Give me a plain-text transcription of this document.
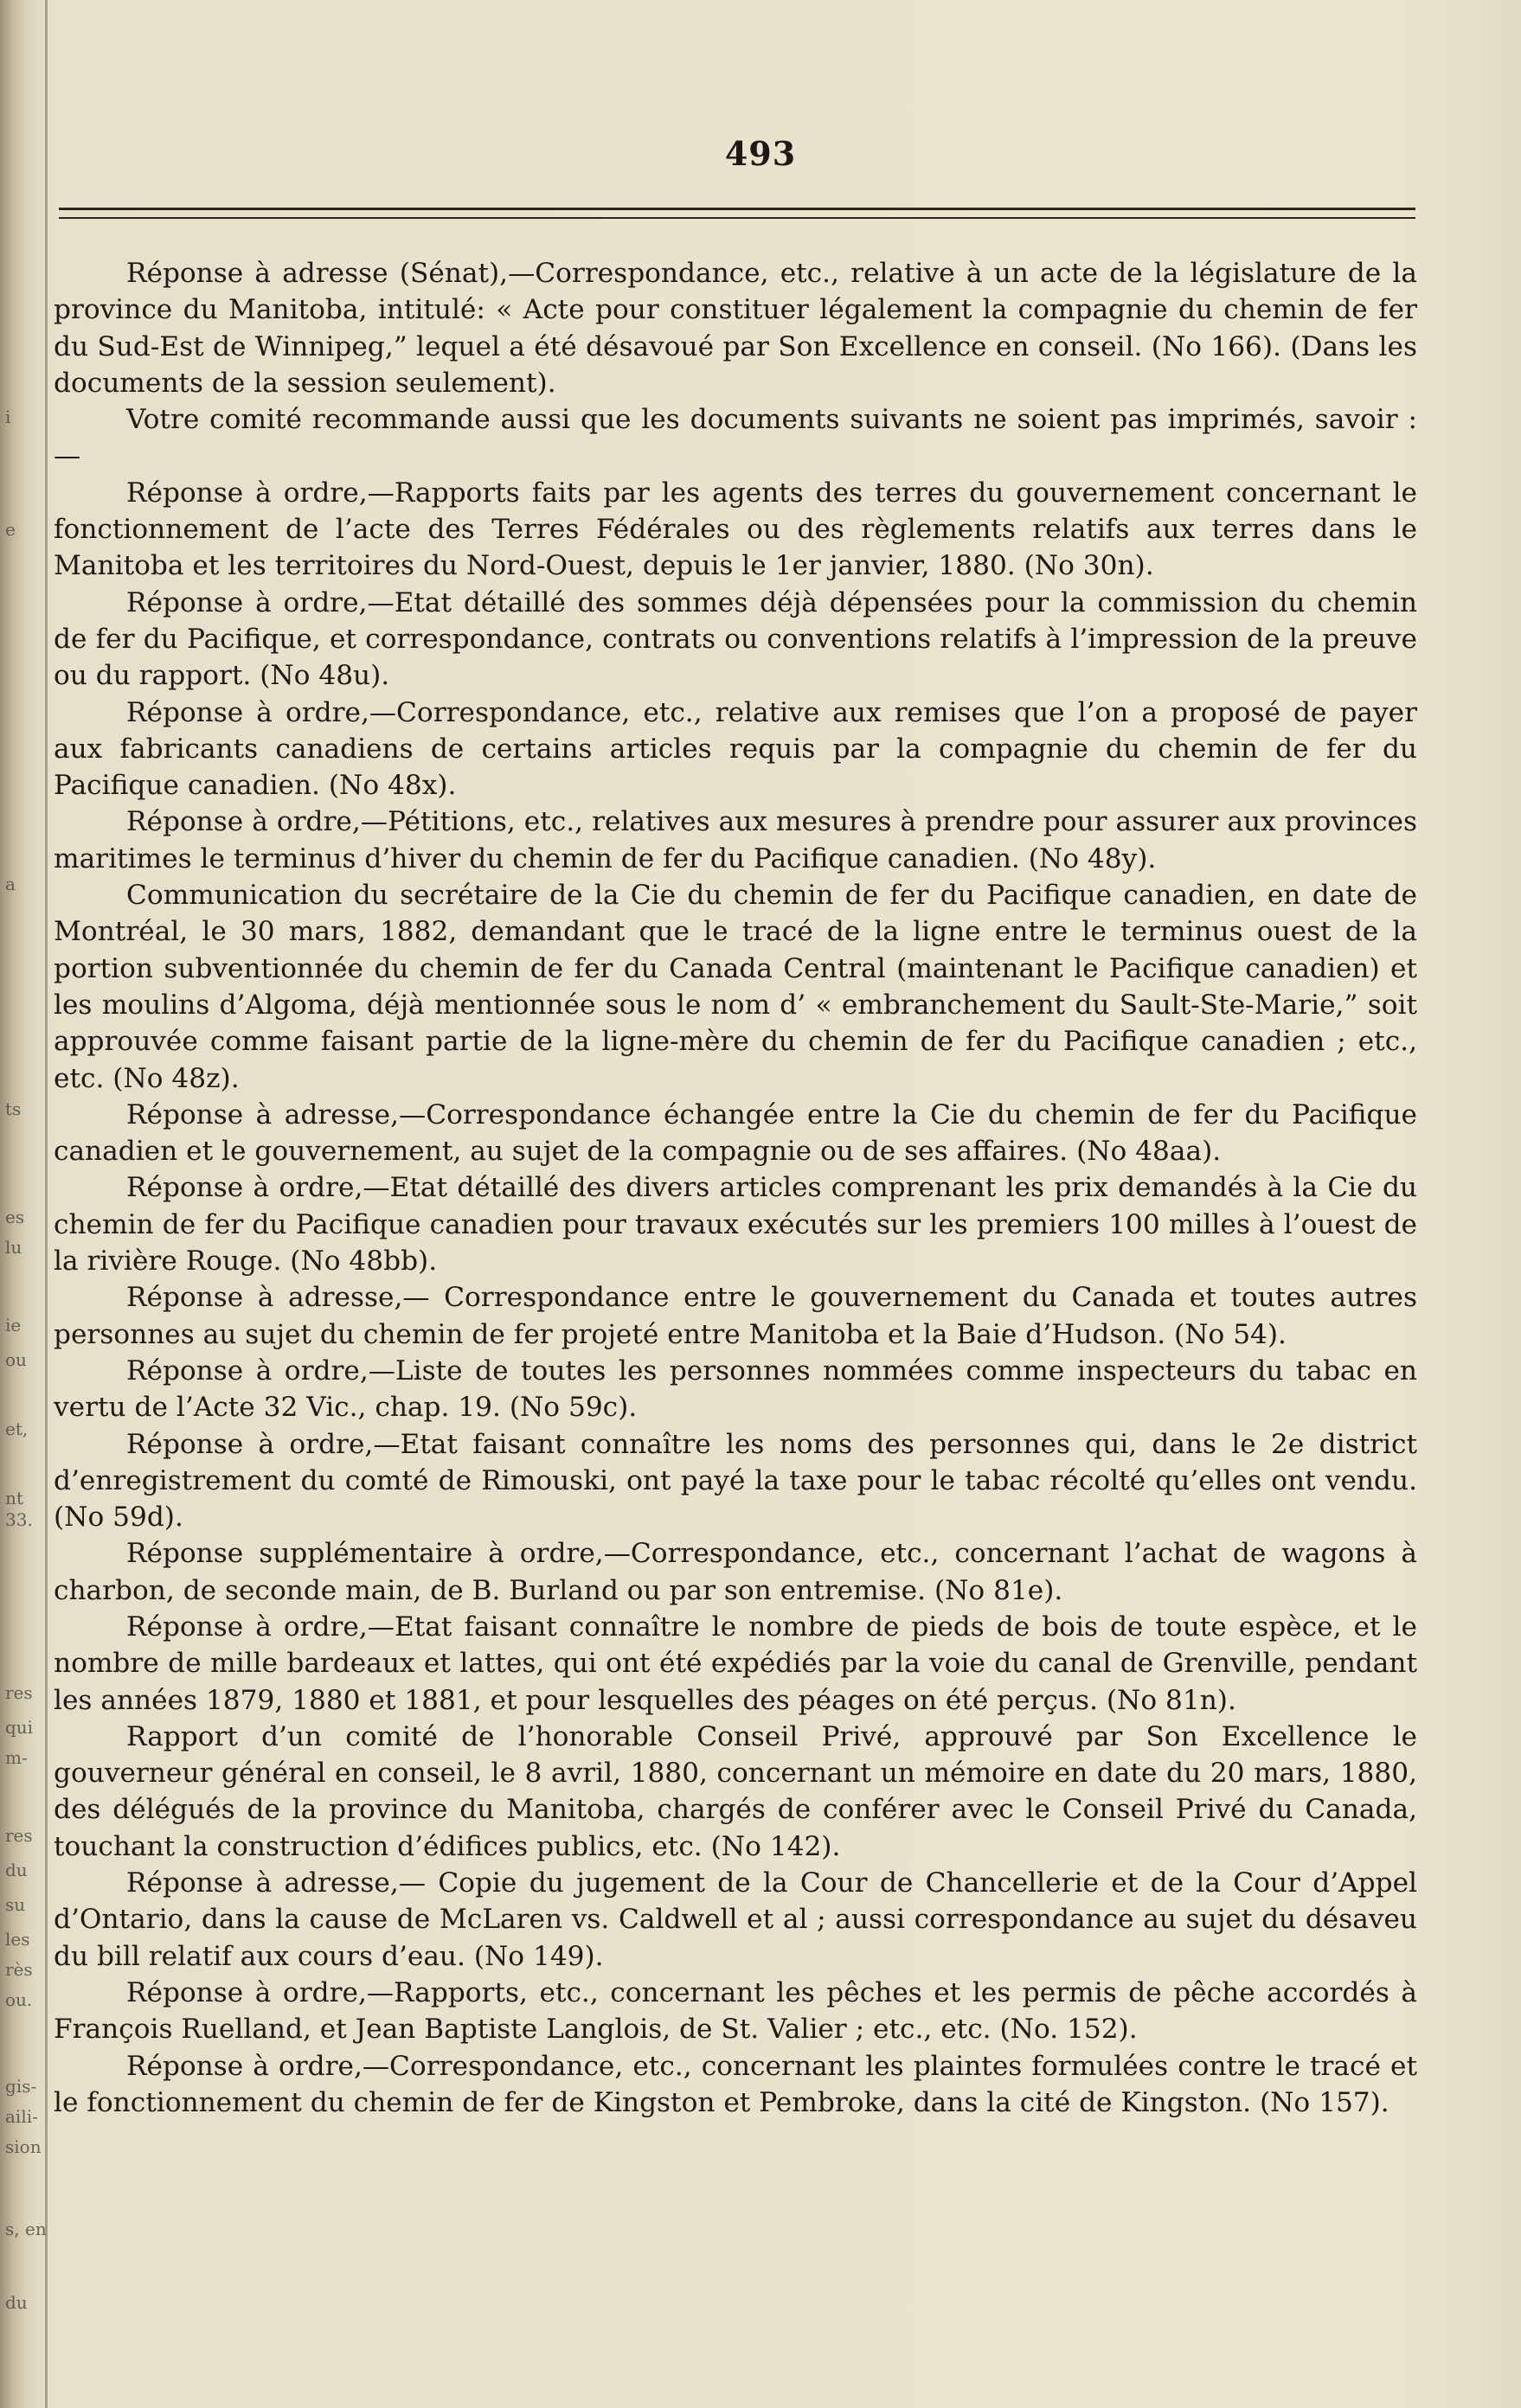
i
e
a
ts
es
lu
ie
ou
et,
nt
33.
res
qui
m-
res
du
su
les
rès
ou.
gis-
aili-
sion
s, en
du
493

Réponse à adresse (Sénat),—Correspondance, etc., relative à un acte de la législature de la province du Manitoba, intitulé: « Acte pour constituer légalement la compagnie du chemin de fer du Sud-Est de Winnipeg,” lequel a été désavoué par Son Excellence en conseil. (No 166). (Dans les documents de la session seulement).

Votre comité recommande aussi que les documents suivants ne soient pas imprimés, savoir :—

Réponse à ordre,—Rapports faits par les agents des terres du gouvernement concernant le fonctionnement de l’acte des Terres Fédérales ou des règlements relatifs aux terres dans le Manitoba et les territoires du Nord-Ouest, depuis le 1er janvier, 1880. (No 30n).

Réponse à ordre,—Etat détaillé des sommes déjà dépensées pour la commission du chemin de fer du Pacifique, et correspondance, contrats ou conventions relatifs à l’impression de la preuve ou du rapport. (No 48u).

Réponse à ordre,—Correspondance, etc., relative aux remises que l’on a proposé de payer aux fabricants canadiens de certains articles requis par la compagnie du chemin de fer du Pacifique canadien. (No 48x).

Réponse à ordre,—Pétitions, etc., relatives aux mesures à prendre pour assurer aux provinces maritimes le terminus d’hiver du chemin de fer du Pacifique canadien. (No 48y).

Communication du secrétaire de la Cie du chemin de fer du Pacifique canadien, en date de Montréal, le 30 mars, 1882, demandant que le tracé de la ligne entre le terminus ouest de la portion subventionnée du chemin de fer du Canada Central (maintenant le Pacifique canadien) et les moulins d’Algoma, déjà mentionnée sous le nom d’ « embranchement du Sault-Ste-Marie,” soit approuvée comme faisant partie de la ligne-mère du chemin de fer du Pacifique canadien ; etc., etc. (No 48z).

Réponse à adresse,—Correspondance échangée entre la Cie du chemin de fer du Pacifique canadien et le gouvernement, au sujet de la compagnie ou de ses affaires. (No 48aa).

Réponse à ordre,—Etat détaillé des divers articles comprenant les prix demandés à la Cie du chemin de fer du Pacifique canadien pour travaux exécutés sur les premiers 100 milles à l’ouest de la rivière Rouge. (No 48bb).

Réponse à adresse,— Correspondance entre le gouvernement du Canada et toutes autres personnes au sujet du chemin de fer projeté entre Manitoba et la Baie d’Hudson. (No 54).

Réponse à ordre,—Liste de toutes les personnes nommées comme inspecteurs du tabac en vertu de l’Acte 32 Vic., chap. 19. (No 59c).

Réponse à ordre,—Etat faisant connaître les noms des personnes qui, dans le 2e district d’enregistrement du comté de Rimouski, ont payé la taxe pour le tabac récolté qu’elles ont vendu. (No 59d).

Réponse supplémentaire à ordre,—Correspondance, etc., concernant l’achat de wagons à charbon, de seconde main, de B. Burland ou par son entremise. (No 81e).

Réponse à ordre,—Etat faisant connaître le nombre de pieds de bois de toute espèce, et le nombre de mille bardeaux et lattes, qui ont été expédiés par la voie du canal de Grenville, pendant les années 1879, 1880 et 1881, et pour lesquelles des péages on été perçus. (No 81n).

Rapport d’un comité de l’honorable Conseil Privé, approuvé par Son Excellence le gouverneur général en conseil, le 8 avril, 1880, concernant un mémoire en date du 20 mars, 1880, des délégués de la province du Manitoba, chargés de conférer avec le Conseil Privé du Canada, touchant la construction d’édifices publics, etc. (No 142).

Réponse à adresse,— Copie du jugement de la Cour de Chancellerie et de la Cour d’Appel d’Ontario, dans la cause de McLaren vs. Caldwell et al ; aussi correspondance au sujet du désaveu du bill relatif aux cours d’eau. (No 149).

Réponse à ordre,—Rapports, etc., concernant les pêches et les permis de pêche accordés à François Ruelland, et Jean Baptiste Langlois, de St. Valier ; etc., etc. (No. 152).

Réponse à ordre,—Correspondance, etc., concernant les plaintes formulées contre le tracé et le fonctionnement du chemin de fer de Kingston et Pembroke, dans la cité de Kingston. (No 157).
